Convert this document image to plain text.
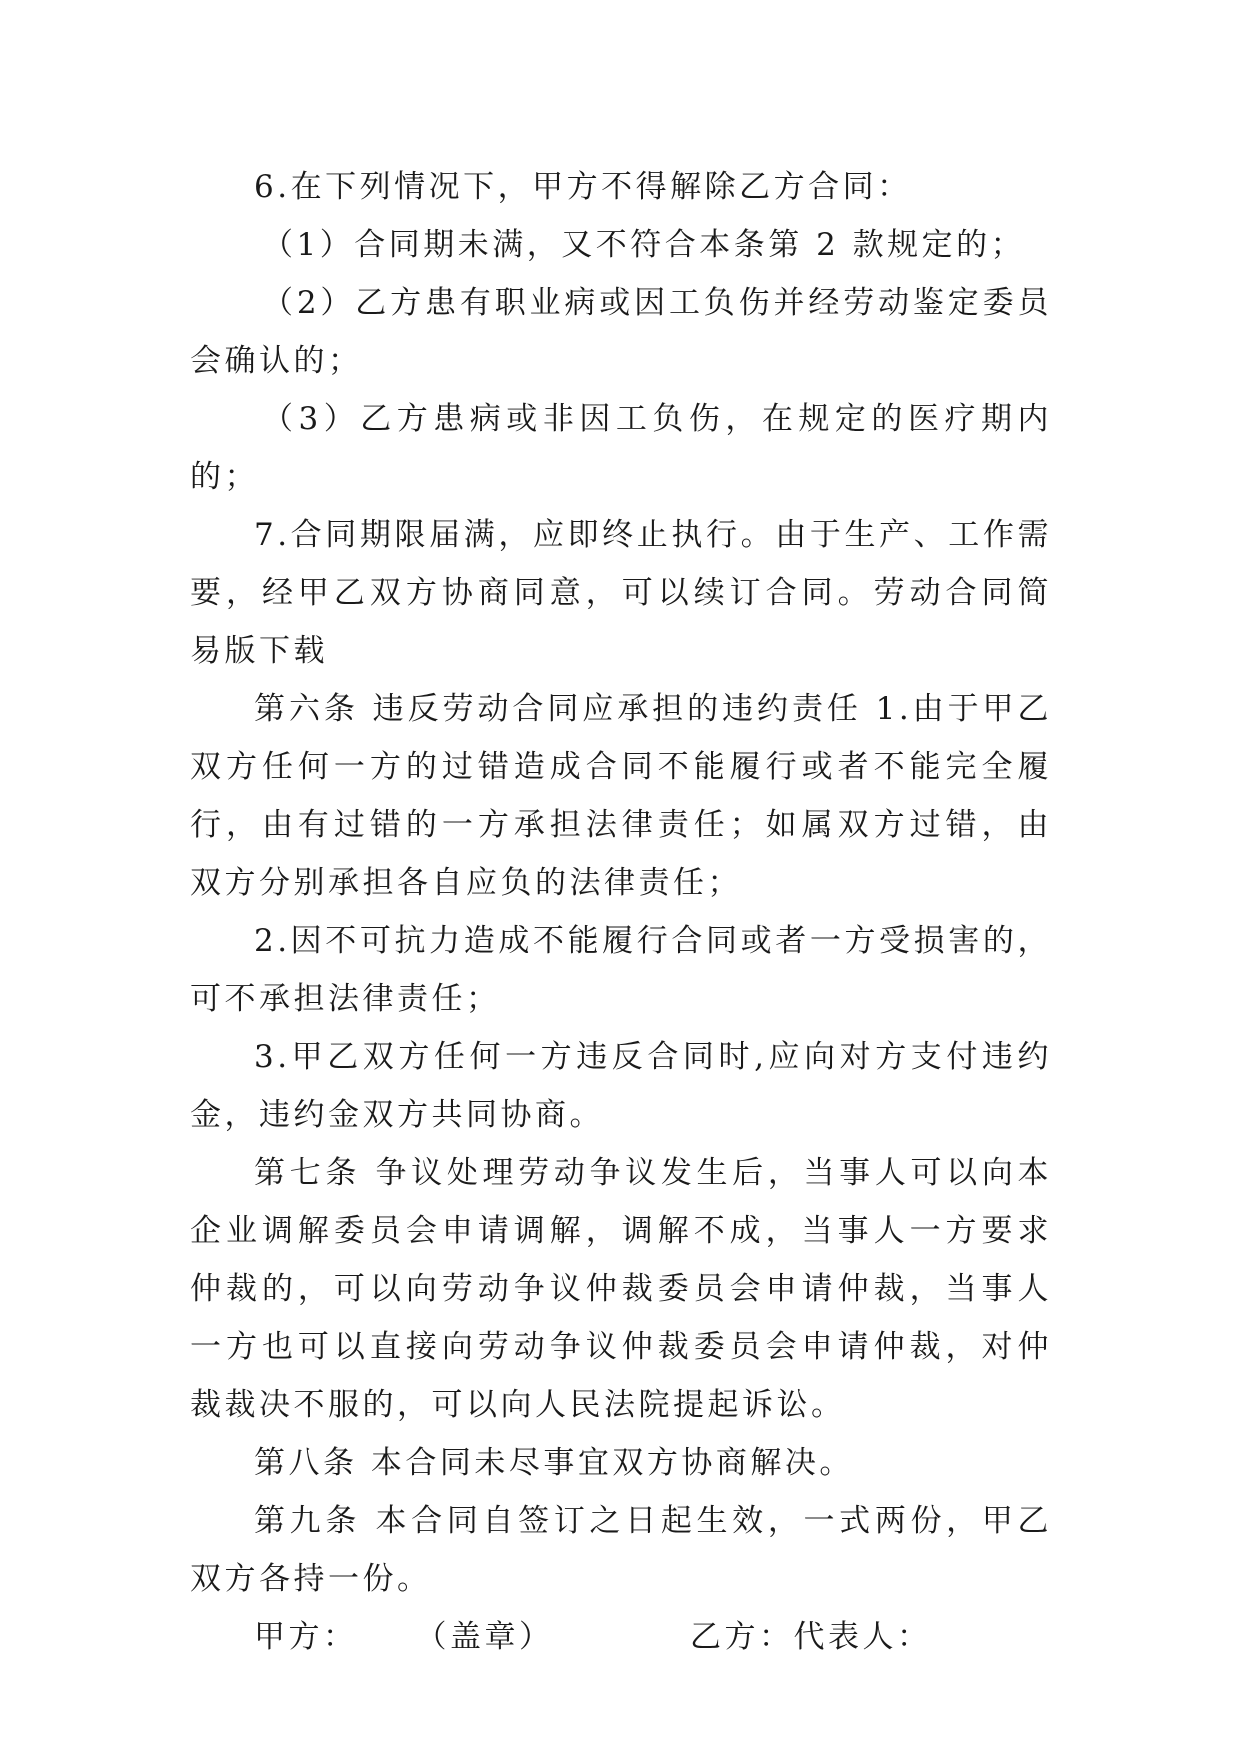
6.在下列情况下，甲方不得解除乙方合同：

（1）合同期未满，又不符合本条第 2 款规定的；

（2）乙方患有职业病或因工负伤并经劳动鉴定委员会确认的；

（3）乙方患病或非因工负伤，在规定的医疗期内的；

7.合同期限届满，应即终止执行。由于生产、工作需要，经甲乙双方协商同意，可以续订合同。劳动合同简易版下载

第六条 违反劳动合同应承担的违约责任 1.由于甲乙双方任何一方的过错造成合同不能履行或者不能完全履行，由有过错的一方承担法律责任；如属双方过错，由双方分别承担各自应负的法律责任；

2.因不可抗力造成不能履行合同或者一方受损害的，可不承担法律责任；

3.甲乙双方任何一方违反合同时,应向对方支付违约金，违约金双方共同协商。

第七条 争议处理劳动争议发生后，当事人可以向本企业调解委员会申请调解，调解不成，当事人一方要求仲裁的，可以向劳动争议仲裁委员会申请仲裁，当事人一方也可以直接向劳动争议仲裁委员会申请仲裁，对仲裁裁决不服的，可以向人民法院提起诉讼。

第八条 本合同未尽事宜双方协商解决。

第九条 本合同自签订之日起生效，一式两份，甲乙双方各持一份。

甲方： （盖章）	乙方：代表人：
